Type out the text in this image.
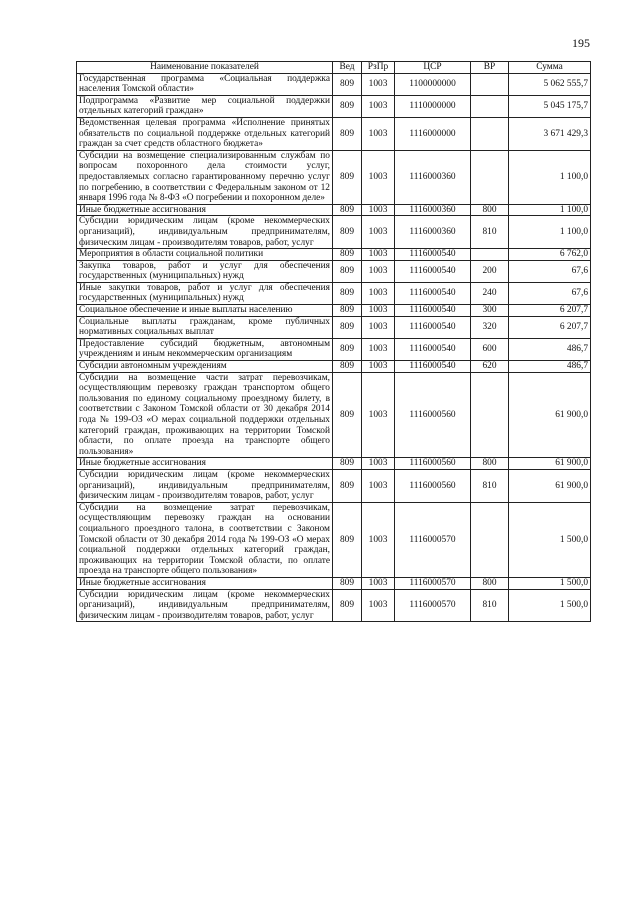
195
Наименование показателей	Вед	РзПр	ЦСР	ВР	Сумма
Государственная программа «Социальная поддержка населения Томской области»	809	1003	1100000000		5 062 555,7
Подпрограмма «Развитие мер социальной поддержки отдельных категорий граждан»	809	1003	1110000000		5 045 175,7
Ведомственная целевая программа «Исполнение принятых обязательств по социальной поддержке отдельных категорий граждан за счет средств областного бюджета»	809	1003	1116000000		3 671 429,3
Субсидии на возмещение специализированным службам по вопросам похоронного дела стоимости услуг, предоставляемых согласно гарантированному перечню услуг по погребению, в соответствии с Федеральным законом от 12 января 1996 года № 8-ФЗ «О погребении и похоронном деле»	809	1003	1116000360		1 100,0
Иные бюджетные ассигнования	809	1003	1116000360	800	1 100,0
Субсидии юридическим лицам (кроме некоммерческих организаций), индивидуальным предпринимателям, физическим лицам - производителям товаров, работ, услуг	809	1003	1116000360	810	1 100,0
Мероприятия в области социальной политики	809	1003	1116000540		6 762,0
Закупка товаров, работ и услуг для обеспечения государственных (муниципальных) нужд	809	1003	1116000540	200	67,6
Иные закупки товаров, работ и услуг для обеспечения государственных (муниципальных) нужд	809	1003	1116000540	240	67,6
Социальное обеспечение и иные выплаты населению	809	1003	1116000540	300	6 207,7
Социальные выплаты гражданам, кроме публичных нормативных социальных выплат	809	1003	1116000540	320	6 207,7
Предоставление субсидий бюджетным, автономным учреждениям и иным некоммерческим организациям	809	1003	1116000540	600	486,7
Субсидии автономным учреждениям	809	1003	1116000540	620	486,7
Субсидии на возмещение части затрат перевозчикам, осуществляющим перевозку граждан транспортом общего пользования по единому социальному проездному билету, в соответствии с Законом Томской области от 30 декабря 2014 года № 199-ОЗ «О мерах социальной поддержки отдельных категорий граждан, проживающих на территории Томской области, по оплате проезда на транспорте общего пользования»	809	1003	1116000560		61 900,0
Иные бюджетные ассигнования	809	1003	1116000560	800	61 900,0
Субсидии юридическим лицам (кроме некоммерческих организаций), индивидуальным предпринимателям, физическим лицам - производителям товаров, работ, услуг	809	1003	1116000560	810	61 900,0
Субсидии на возмещение затрат перевозчикам, осуществляющим перевозку граждан на основании социального проездного талона, в соответствии с Законом Томской области от 30 декабря 2014 года № 199-ОЗ «О мерах социальной поддержки отдельных категорий граждан, проживающих на территории Томской области, по оплате проезда на транспорте общего пользования»	809	1003	1116000570		1 500,0
Иные бюджетные ассигнования	809	1003	1116000570	800	1 500,0
Субсидии юридическим лицам (кроме некоммерческих организаций), индивидуальным предпринимателям, физическим лицам - производителям товаров, работ, услуг	809	1003	1116000570	810	1 500,0
